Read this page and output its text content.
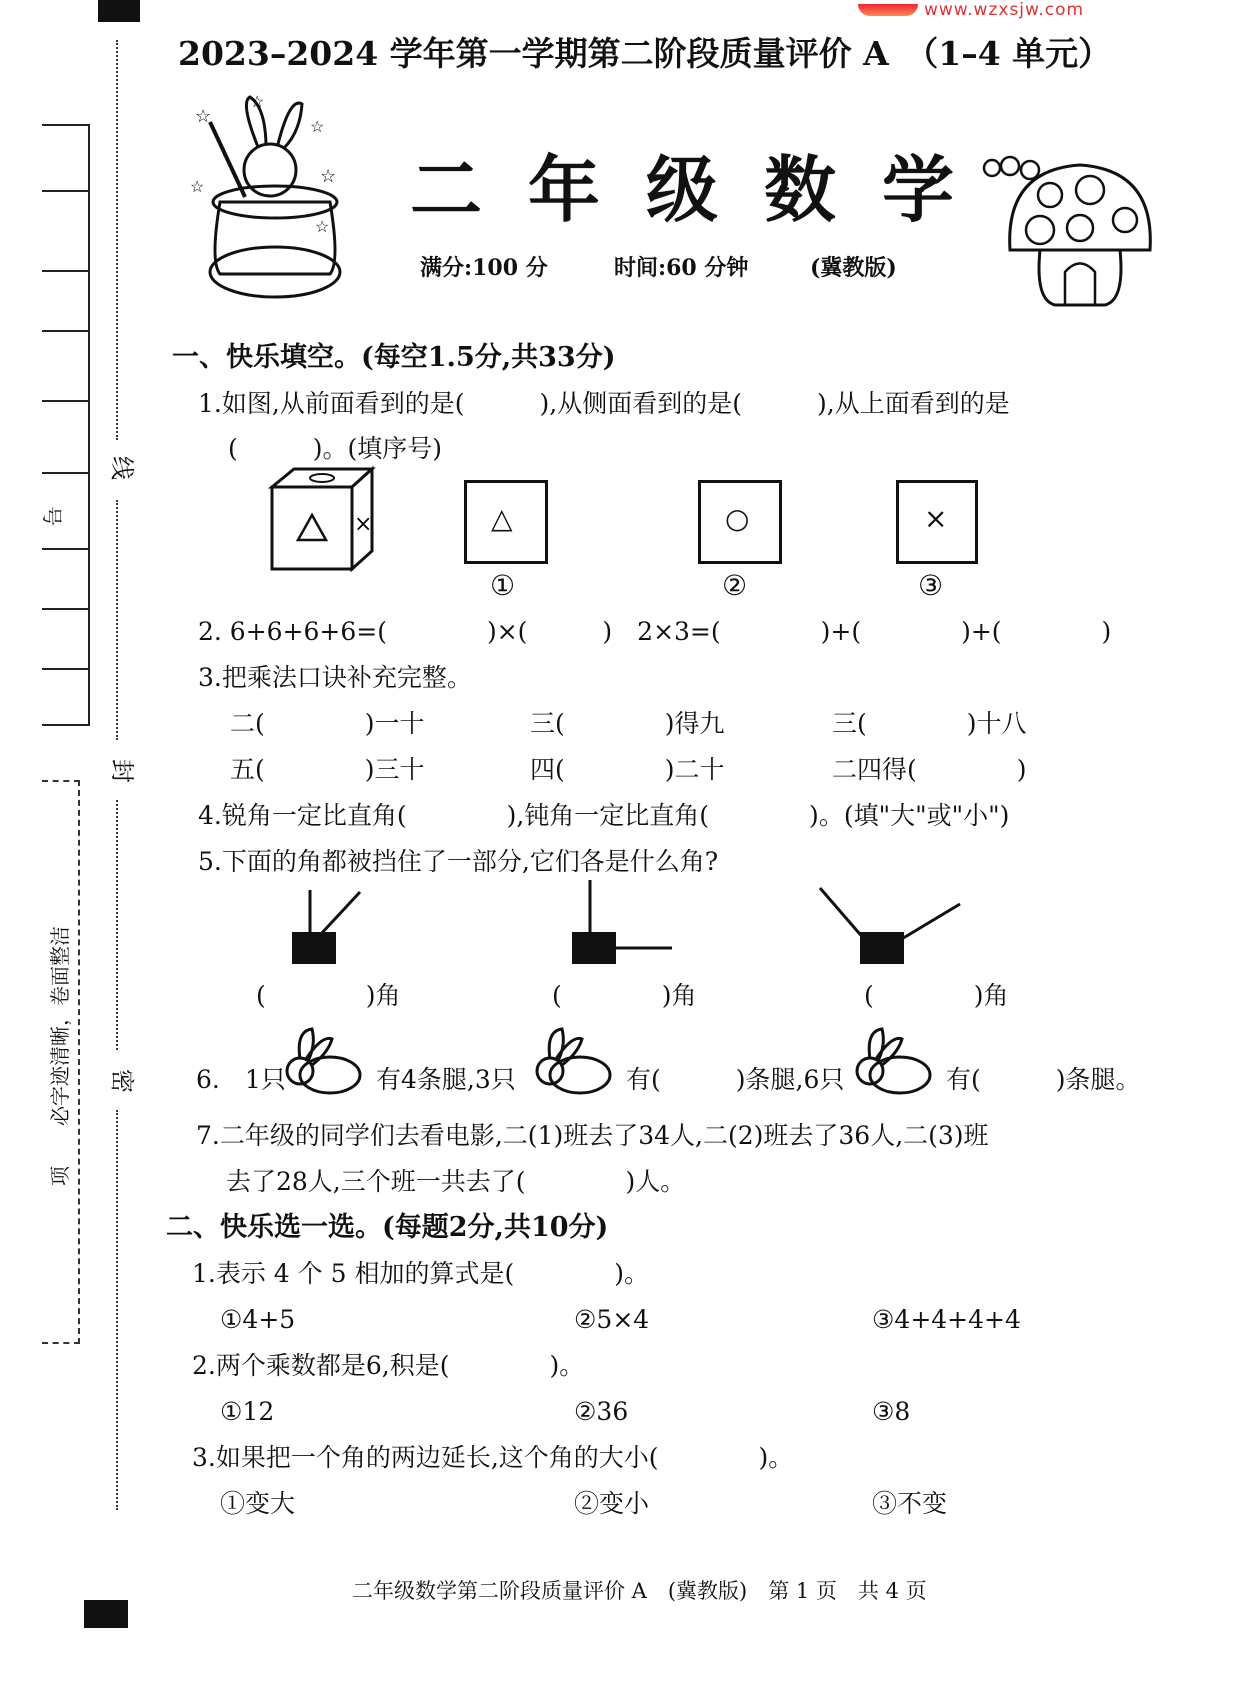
www.wzxsjw.com
号
项　　必字迹清晰，卷面整洁
线
封
密
2023–2024 学年第一学期第二阶段质量评价 A　（1–4 单元）
☆
☆
☆
☆
☆
☆ 二年级数学
满分:100 分	时间:60 分钟	(冀教版)
一、快乐填空。(每空1.5分,共33分)
1.如图,从前面看到的是(　　　),从侧面看到的是(　　　),从上面看到的是
(　　　)。(填序号)
×	△	○	×
①	②	③
2. 6+6+6+6=(　　　　)×(　　　)　2×3=(　　　　)+(　　　　)+(　　　　)
3.把乘法口诀补充完整。
二(　　　　)一十	三(　　　　)得九	三(　　　　)十八
五(　　　　)三十	四(　　　　)二十	二四得(　　　　)
4.锐角一定比直角(　　　　),钝角一定比直角(　　　　)。(填"大"或"小")
5.下面的角都被挡住了一部分,它们各是什么角?
(　　　　)角	(　　　　)角	(　　　　)角
6.　1只	有4条腿,3只	有(　　　)条腿,6只	有(　　　)条腿。
7.二年级的同学们去看电影,二(1)班去了34人,二(2)班去了36人,二(3)班
去了28人,三个班一共去了(　　　　)人。
二、快乐选一选。(每题2分,共10分)
1.表示 4 个 5 相加的算式是(　　　　)。
①4+5	②5×4	③4+4+4+4
2.两个乘数都是6,积是(　　　　)。
①12	②36	③8
3.如果把一个角的两边延长,这个角的大小(　　　　)。
①变大	②变小	③不变
二年级数学第二阶段质量评价 A　(冀教版)　第 1 页　共 4 页
